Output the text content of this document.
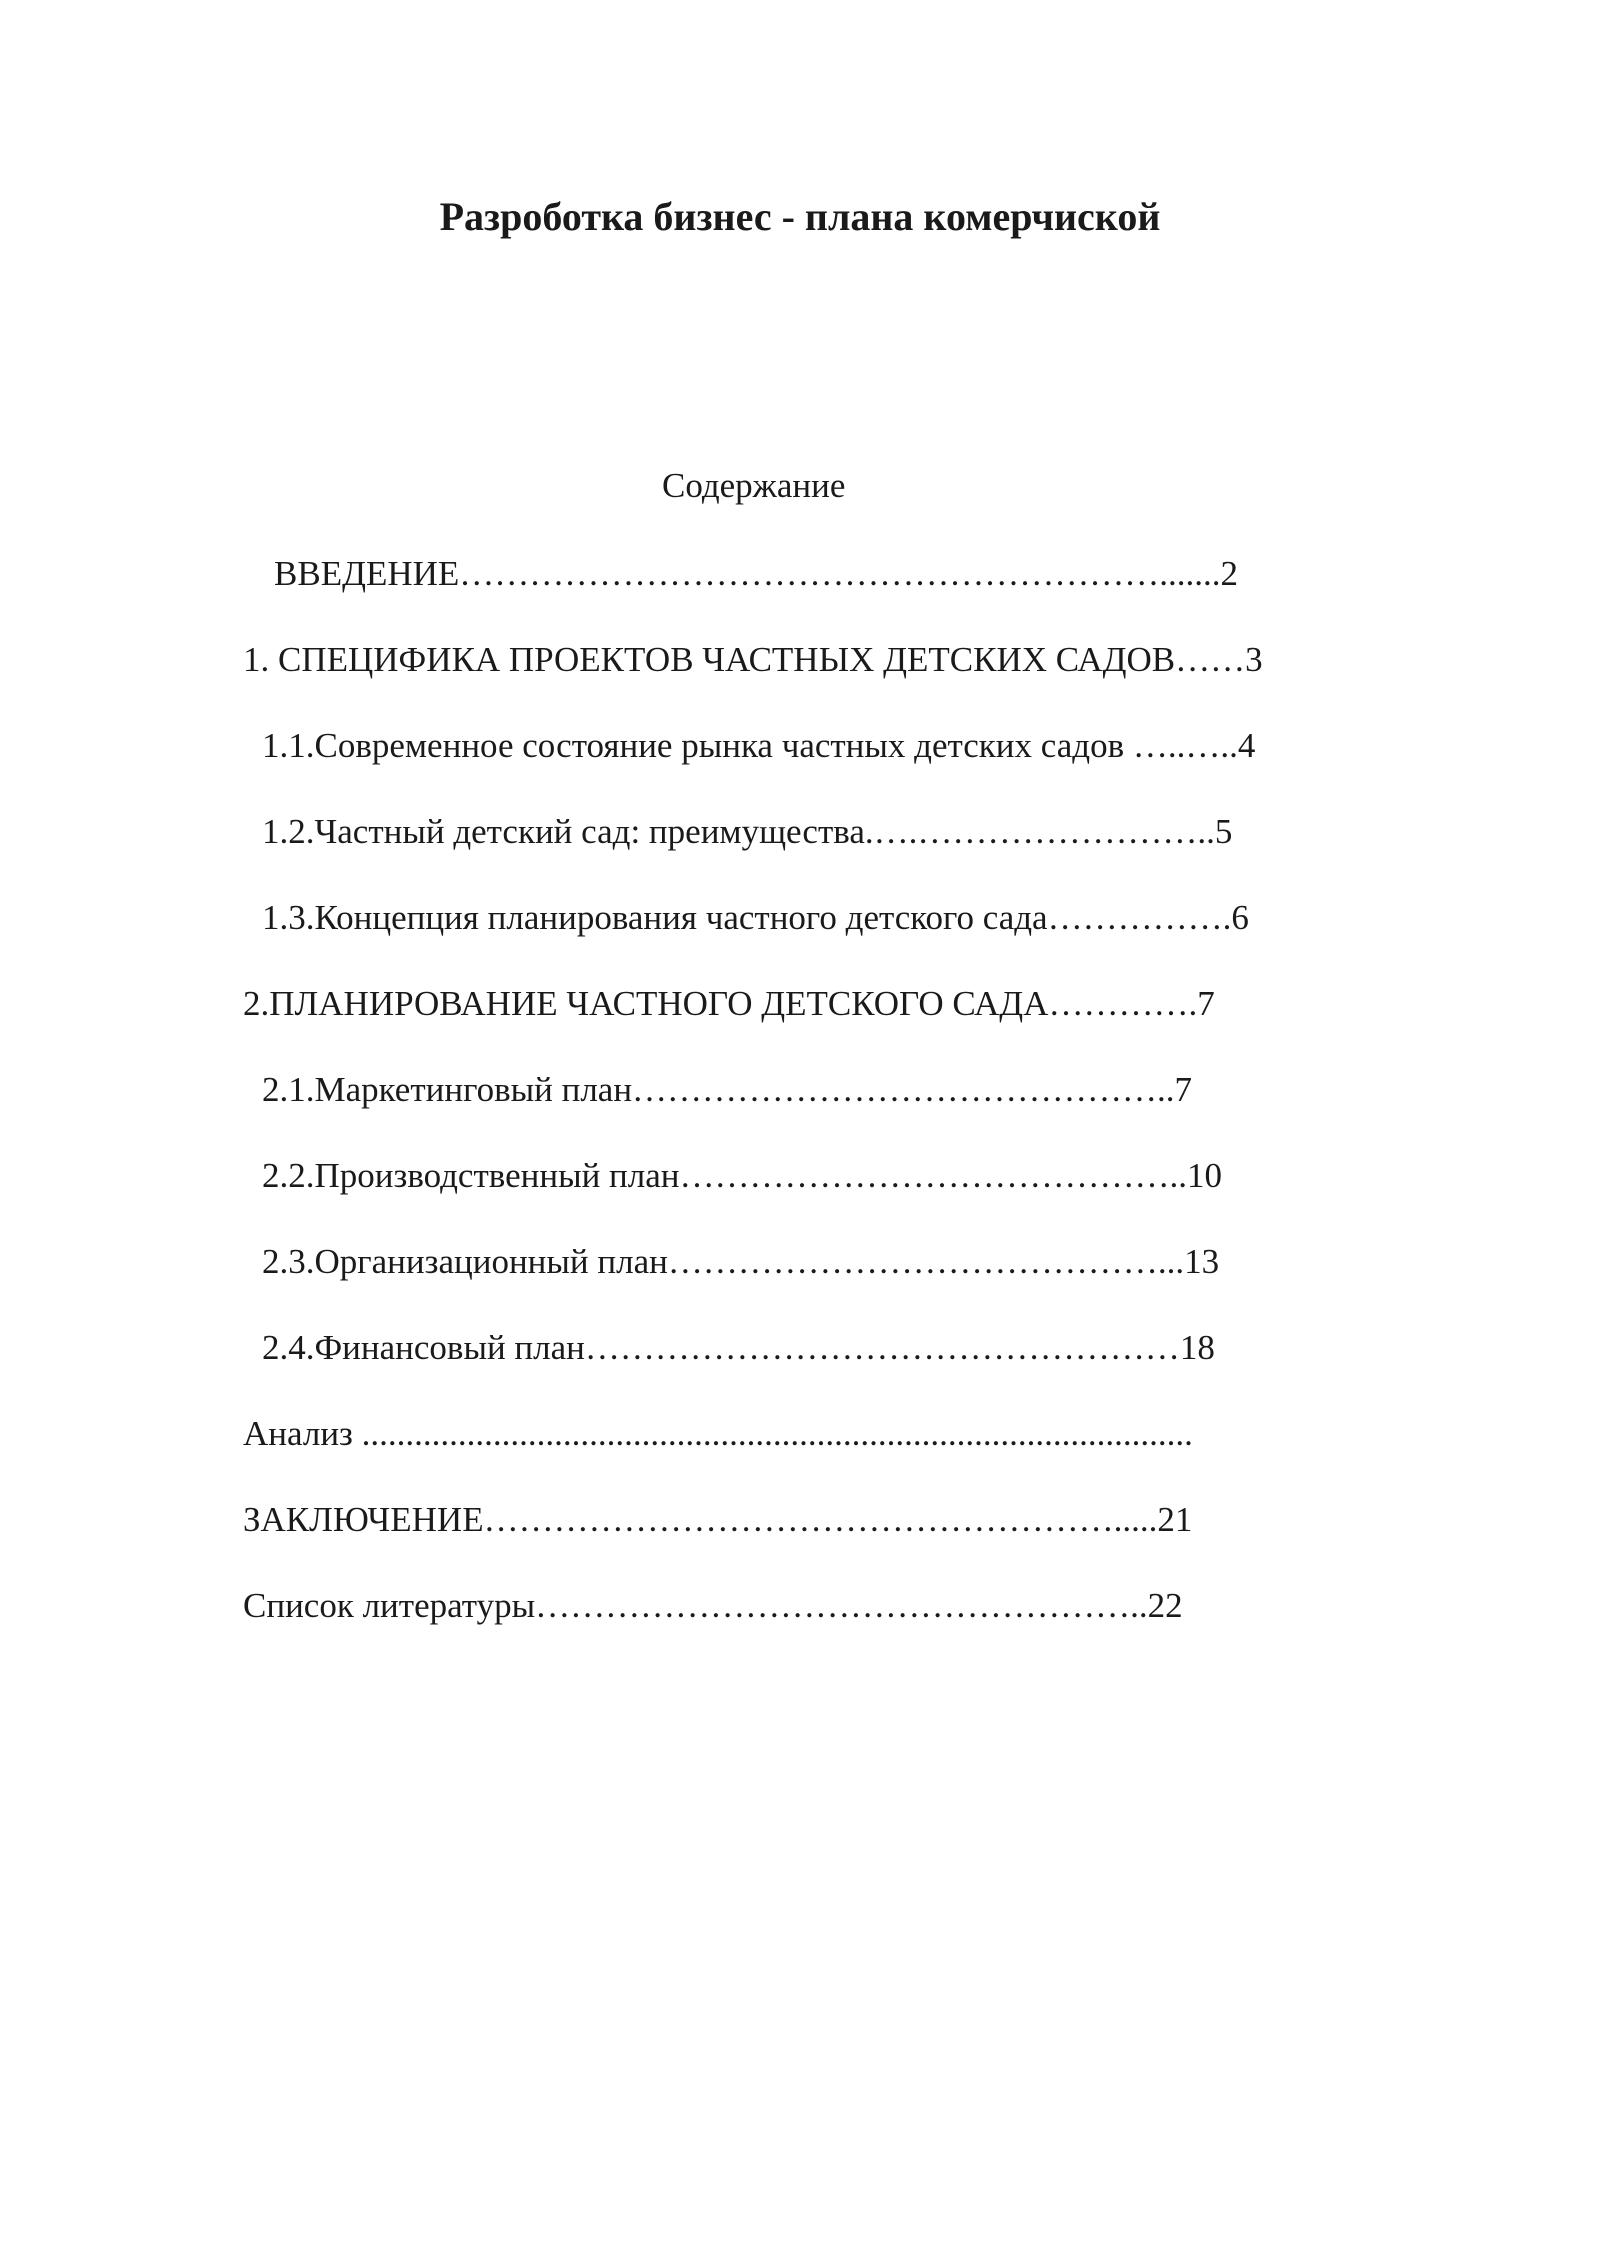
Разроботка бизнес - плана комерчиской
Содержание
ВВЕДЕНИЕ…………………………………………………….......2
1. СПЕЦИФИКА ПРОЕКТОВ ЧАСТНЫХ ДЕТСКИХ САДОВ……3
1.1.Современное состояние рынка частных детских садов …..…..4
1.2.Частный детский сад: преимущества.….……………………..5
1.3.Концепция планирования частного детского сада…………….6
2.ПЛАНИРОВАНИЕ ЧАСТНОГО ДЕТСКОГО САДА………….7
2.1.Маркетинговый план………………………………………..7
2.2.Производственный план……………………………………..10
2.3.Организационный план……………………………………...13
2.4.Финансовый план……………………………………………18
Анализ ...............................................................................................
ЗАКЛЮЧЕНИЕ……………………………………………….....21
Список литературы……………………………………………..22
